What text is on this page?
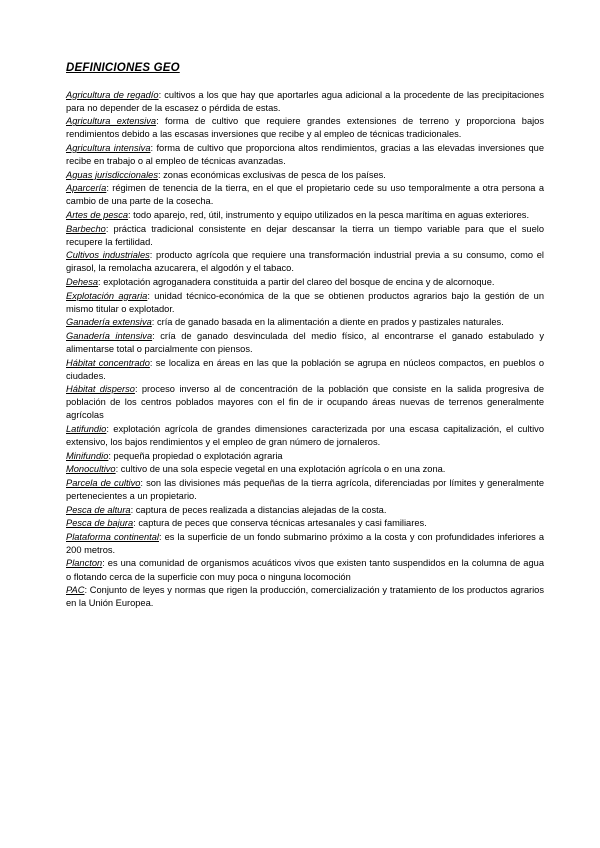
DEFINICIONES GEO

Agricultura de regadío: cultivos a los que hay que aportarles agua adicional a la procedente de las precipitaciones para no depender de la escasez o pérdida de estas.

Agricultura extensiva: forma de cultivo que requiere grandes extensiones de terreno y proporciona bajos rendimientos debido a las escasas inversiones que recibe y al empleo de técnicas tradicionales.

Agricultura intensiva: forma de cultivo que proporciona altos rendimientos, gracias a las elevadas inversiones que recibe en trabajo o al empleo de técnicas avanzadas.

Aguas jurisdiccionales: zonas económicas exclusivas de pesca de los países.

Aparcería: régimen de tenencia de la tierra, en el que el propietario cede su uso temporalmente a otra persona a cambio de una parte de la cosecha.

Artes de pesca: todo aparejo, red, útil, instrumento y equipo utilizados en la pesca marítima en aguas exteriores.

Barbecho: práctica tradicional consistente en dejar descansar la tierra un tiempo variable para que el suelo recupere la fertilidad.

Cultivos industriales: producto agrícola que requiere una transformación industrial previa a su consumo, como el girasol, la remolacha azucarera, el algodón y el tabaco.

Dehesa: explotación agroganadera constituida a partir del clareo del bosque de encina y de alcornoque.

Explotación agraria: unidad técnico-económica de la que se obtienen productos agrarios bajo la gestión de un mismo titular o explotador.

Ganadería extensiva: cría de ganado basada en la alimentación a diente en prados y pastizales naturales.

Ganadería intensiva: cría de ganado desvinculada del medio físico, al encontrarse el ganado estabulado y alimentarse total o parcialmente con piensos.

Hábitat concentrado: se localiza en áreas en las que la población se agrupa en núcleos compactos, en pueblos o ciudades.

Hábitat disperso: proceso inverso al de concentración de la población que consiste en la salida progresiva de población de los centros poblados mayores con el fin de ir ocupando áreas nuevas de terrenos generalmente agrícolas

Latifundio: explotación agrícola de grandes dimensiones caracterizada por una escasa capitalización, el cultivo extensivo, los bajos rendimientos y el empleo de gran número de jornaleros.

Minifundio: pequeña propiedad o explotación agraria

Monocultivo: cultivo de una sola especie vegetal en una explotación agrícola o en una zona.

Parcela de cultivo: son las divisiones más pequeñas de la tierra agrícola, diferenciadas por límites y generalmente pertenecientes a un propietario.

Pesca de altura: captura de peces realizada a distancias alejadas de la costa.

Pesca de bajura: captura de peces que conserva técnicas artesanales y casi familiares.

Plataforma continental: es la superficie de un fondo submarino próximo a la costa y con profundidades inferiores a 200 metros.

Plancton: es una comunidad de organismos acuáticos vivos que existen tanto suspendidos en la columna de agua o flotando cerca de la superficie con muy poca o ninguna locomoción

PAC: Conjunto de leyes y normas que rigen la producción, comercialización y tratamiento de los productos agrarios en la Unión Europea.
